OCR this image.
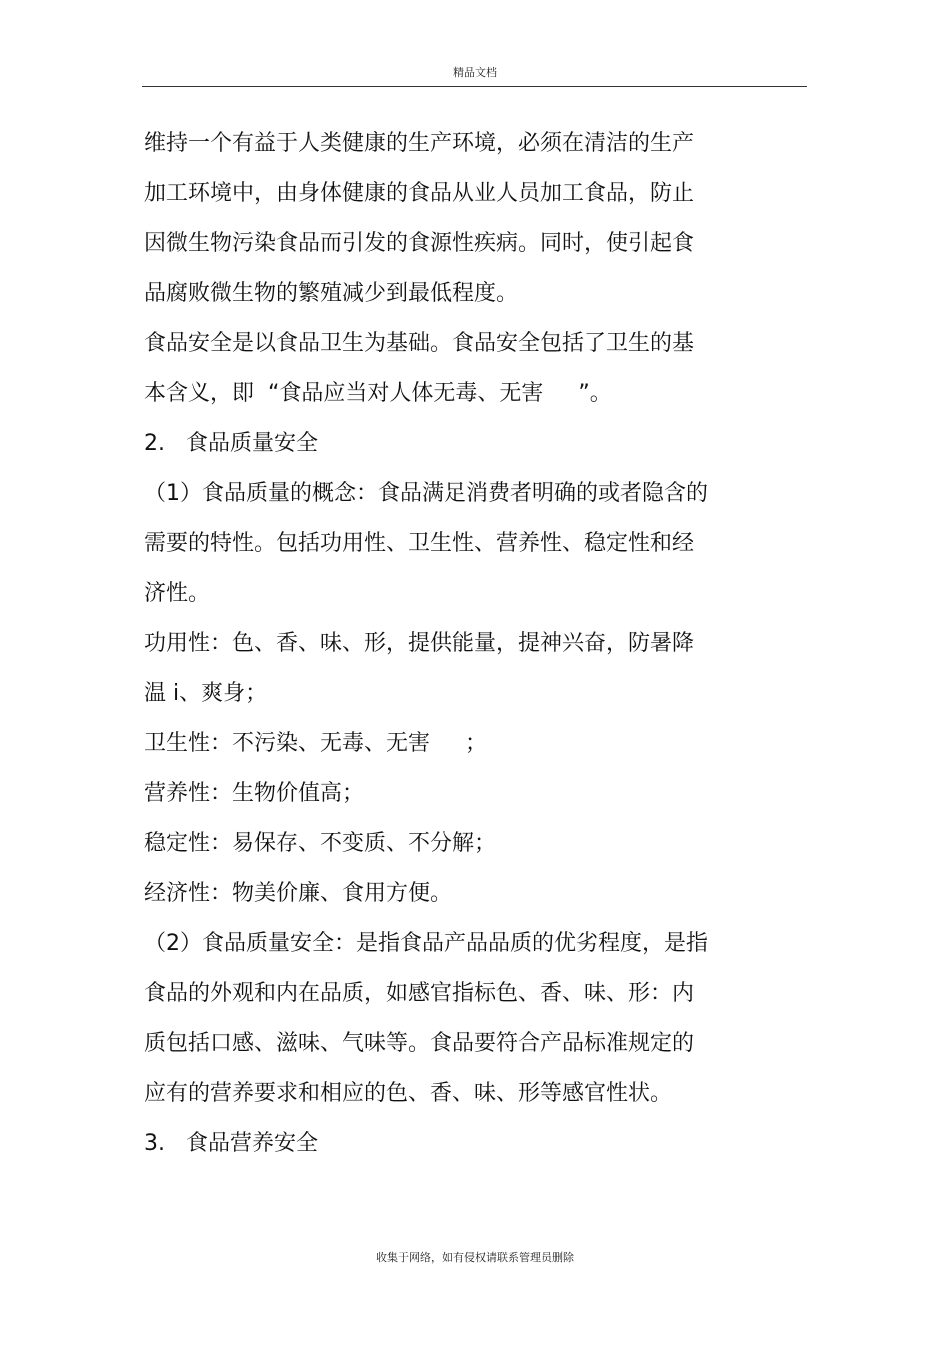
精品文档
维持一个有益于人类健康的生产环境，必须在清洁的生产
加工环境中，由身体健康的食品从业人员加工食品，防止
因微生物污染食品而引发的食源性疾病。同时，使引起食
品腐败微生物的繁殖减少到最低程度。
食品安全是以食品卫生为基础。食品安全包括了卫生的基
本含义，即  “食品应当对人体无毒、无害     ”。
2.   食品质量安全
（1）食品质量的概念：食品满足消费者明确的或者隐含的
需要的特性。包括功用性、卫生性、营养性、稳定性和经
济性。
功用性：色、香、味、形，提供能量，提神兴奋，防暑降
温 i、爽身；
卫生性：不污染、无毒、无害     ；
营养性：生物价值高；
稳定性：易保存、不变质、不分解；
经济性：物美价廉、食用方便。
（2）食品质量安全：是指食品产品品质的优劣程度，是指
食品的外观和内在品质，如感官指标色、香、味、形：内
质包括口感、滋味、气味等。食品要符合产品标准规定的
应有的营养要求和相应的色、香、味、形等感官性状。
3.   食品营养安全
收集于网络，如有侵权请联系管理员删除
